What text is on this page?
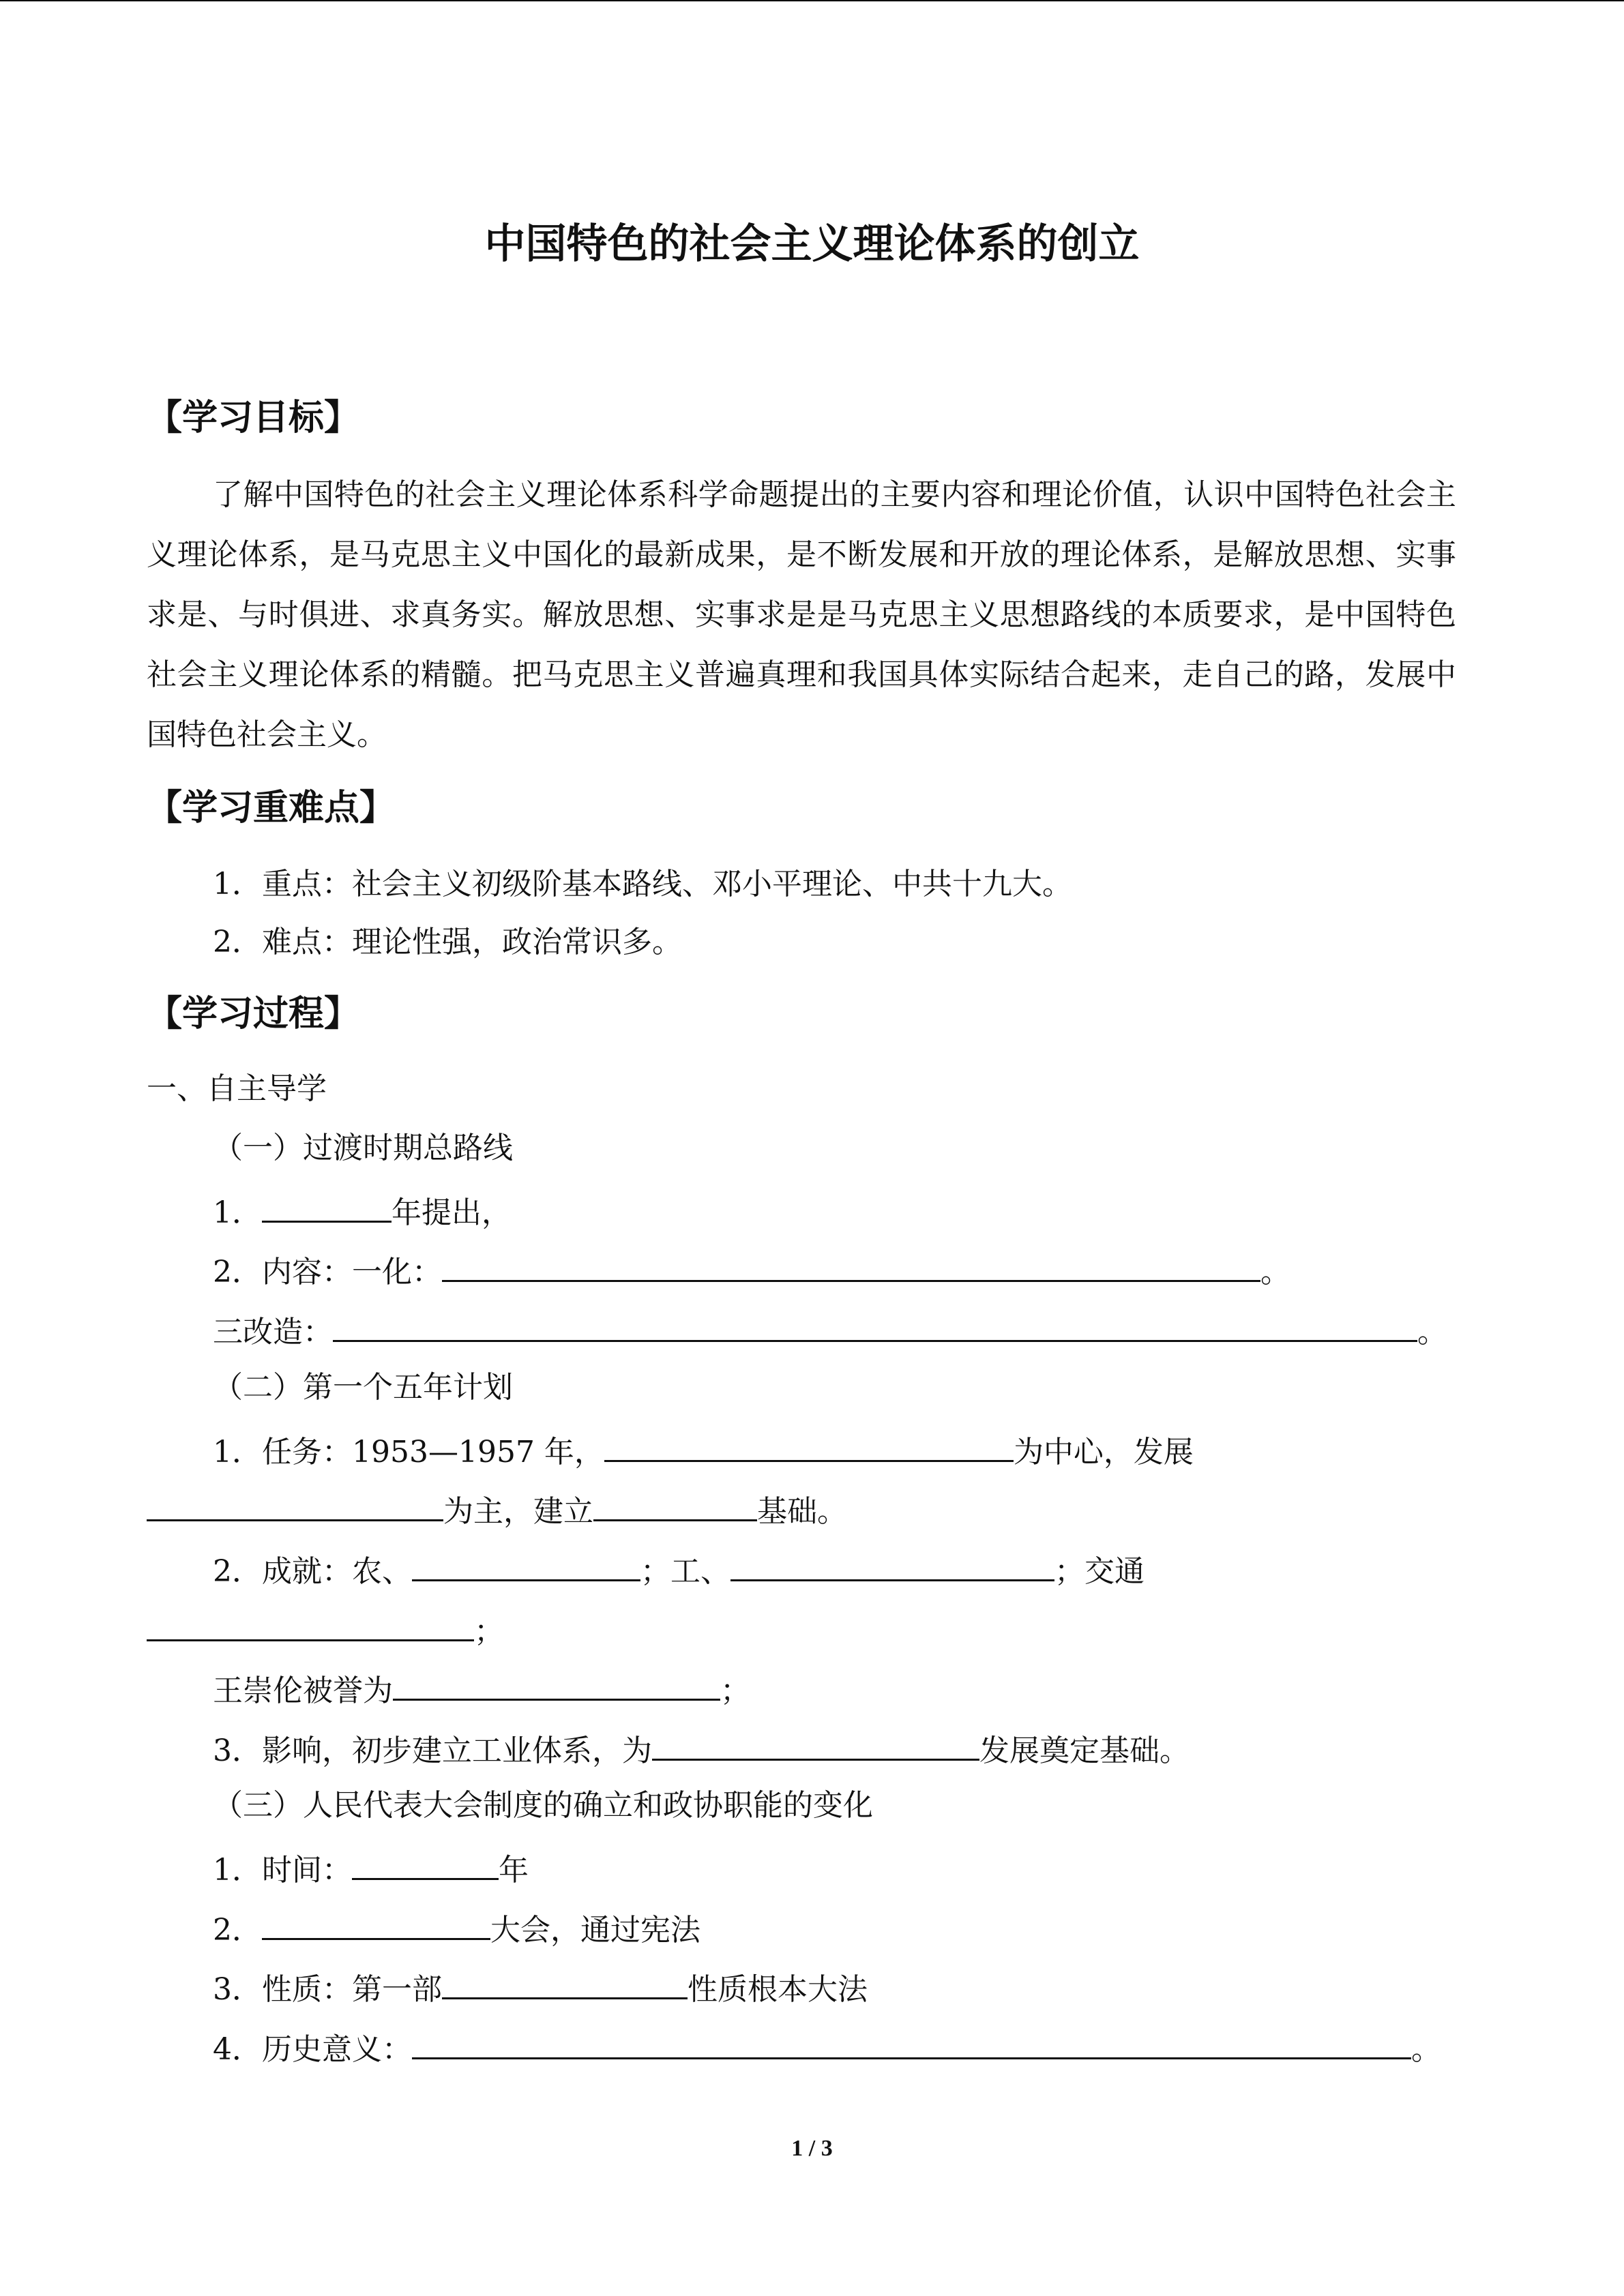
中国特色的社会主义理论体系的创立
【学习目标】
了解中国特色的社会主义理论体系科学命题提出的主要内容和理论价值，认识中国特色社会主义理论体系，是马克思主义中国化的最新成果，是不断发展和开放的理论体系，是解放思想、实事求是、与时俱进、求真务实。解放思想、实事求是是马克思主义思想路线的本质要求，是中国特色社会主义理论体系的精髓。把马克思主义普遍真理和我国具体实际结合起来，走自己的路，发展中国特色社会主义。
【学习重难点】
1．重点：社会主义初级阶基本路线、邓小平理论、中共十九大。
2．难点：理论性强，政治常识多。
【学习过程】
一、自主导学
（一）过渡时期总路线
1．	年提出，
2．内容：一化：	。
三改造：	。
（二）第一个五年计划
1．任务：1953—1957 年，	为中心，发展
为主，建立	基础。
2．成就：农、	；工、	；交通
；
王崇伦被誉为	；
3．影响，初步建立工业体系，为	发展奠定基础。
（三）人民代表大会制度的确立和政协职能的变化
1．时间：	年
2．	大会，通过宪法
3．性质：第一部	性质根本大法
4．历史意义：	。
1 / 3
